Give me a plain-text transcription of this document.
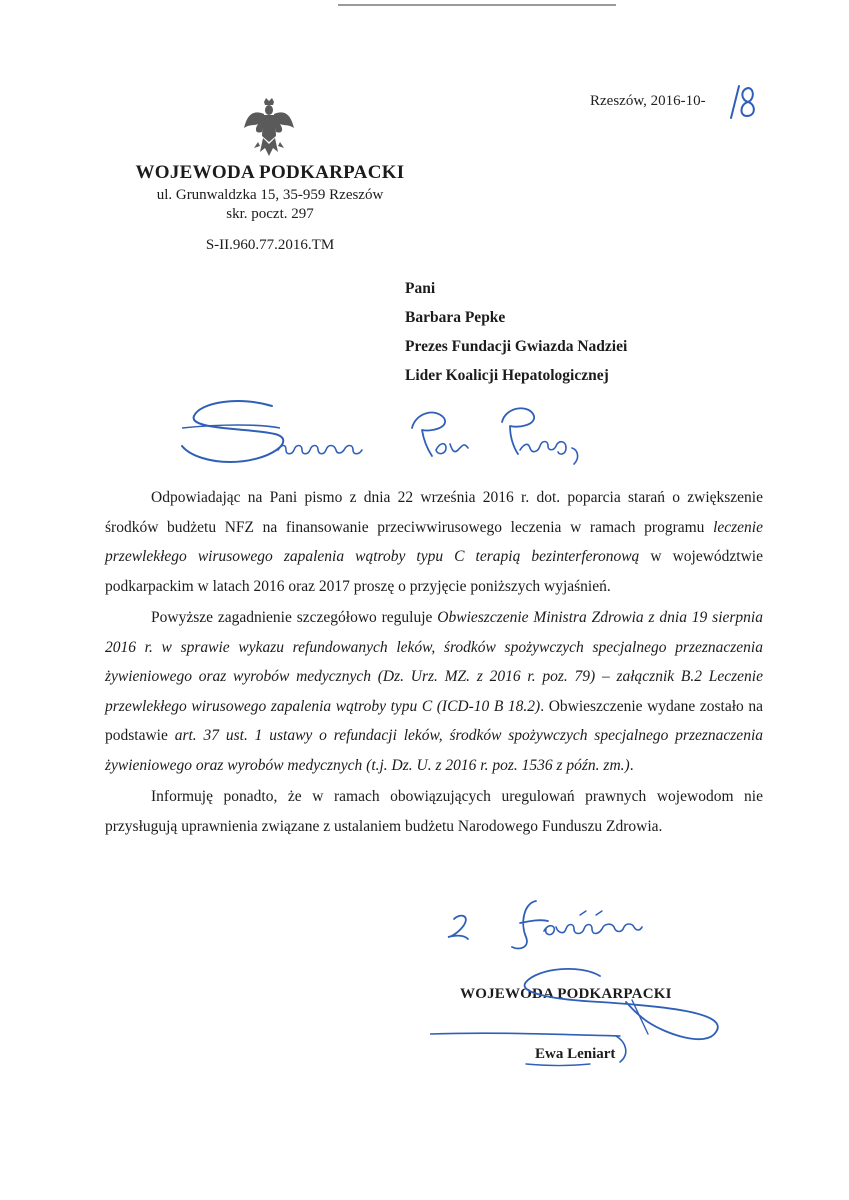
Rzeszów, 2016-10-
WOJEWODA PODKARPACKI
ul. Grunwaldzka 15, 35-959 Rzeszów
skr. poczt. 297
S-II.960.77.2016.TM
Pani
Barbara Pepke
Prezes Fundacji Gwiazda Nadziei
Lider Koalicji Hepatologicznej

Odpowiadając na Pani pismo z dnia 22 września 2016 r. dot. poparcia starań o zwiększenie środków budżetu NFZ na finansowanie przeciwwirusowego leczenia w ramach programu leczenie przewlekłego wirusowego zapalenia wątroby typu C terapią bezinterferonową w województwie podkarpackim w latach 2016 oraz 2017 proszę o przyjęcie poniższych wyjaśnień.

Powyższe zagadnienie szczegółowo reguluje Obwieszczenie Ministra Zdrowia z dnia 19 sierpnia 2016 r. w sprawie wykazu refundowanych leków, środków spożywczych specjalnego przeznaczenia żywieniowego oraz wyrobów medycznych (Dz. Urz. MZ. z 2016 r. poz. 79) – załącznik B.2 Leczenie przewlekłego wirusowego zapalenia wątroby typu C (ICD-10 B 18.2). Obwieszczenie wydane zostało na podstawie art. 37 ust. 1 ustawy o refundacji leków, środków spożywczych specjalnego przeznaczenia żywieniowego oraz wyrobów medycznych (t.j. Dz. U. z 2016 r. poz. 1536 z późn. zm.).

Informuję ponadto, że w ramach obowiązujących uregulowań prawnych wojewodom nie przysługują uprawnienia związane z ustalaniem budżetu Narodowego Funduszu Zdrowia.

WOJEWODA PODKARPACKI
Ewa Leniart
